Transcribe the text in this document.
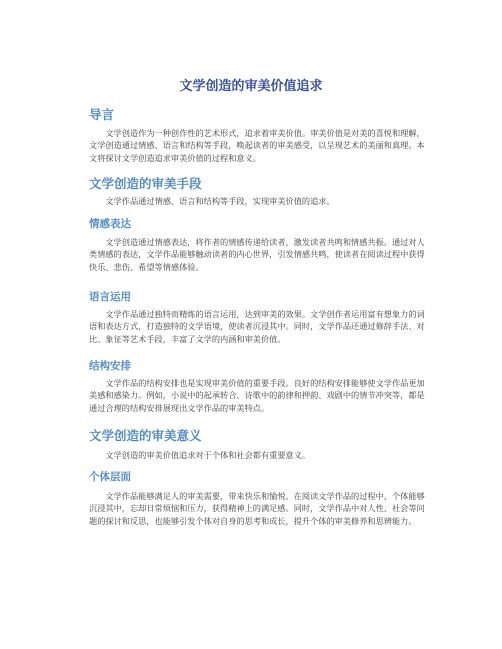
文学创造的审美价值追求
导言

文学创造作为一种创作性的艺术形式，追求着审美价值。审美价值是对美的喜悦和理解，文学创造通过情感、语言和结构等手段，唤起读者的审美感受，以呈现艺术的美丽和真理。本文将探讨文学创造追求审美价值的过程和意义。

文学创造的审美手段

文学作品通过情感、语言和结构等手段，实现审美价值的追求。

情感表达

文学创造通过情感表达，将作者的情感传递给读者，激发读者共鸣和情感共振。通过对人类情感的表达，文学作品能够触动读者的内心世界，引发情感共鸣，使读者在阅读过程中获得快乐、悲伤、希望等情感体验。

语言运用

文学作品通过独特而精炼的语言运用，达到审美的效果。文学创作者运用富有想象力的词语和表达方式，打造独特的文学语境，使读者沉浸其中。同时，文学作品还通过修辞手法、对比、象征等艺术手段，丰富了文学的内涵和审美价值。

结构安排

文学作品的结构安排也是实现审美价值的重要手段。良好的结构安排能够使文学作品更加美感和感染力。例如，小说中的起承转合、诗歌中的韵律和押韵、戏剧中的情节冲突等，都是通过合理的结构安排展现出文学作品的审美特点。

文学创造的审美意义

文学创造的审美价值追求对于个体和社会都有重要意义。

个体层面

文学作品能够满足人的审美需要，带来快乐和愉悦。在阅读文学作品的过程中，个体能够沉浸其中，忘却日常烦恼和压力，获得精神上的满足感。同时，文学作品中对人性、社会等问题的探讨和反思，也能够引发个体对自身的思考和成长，提升个体的审美修养和思辨能力。
